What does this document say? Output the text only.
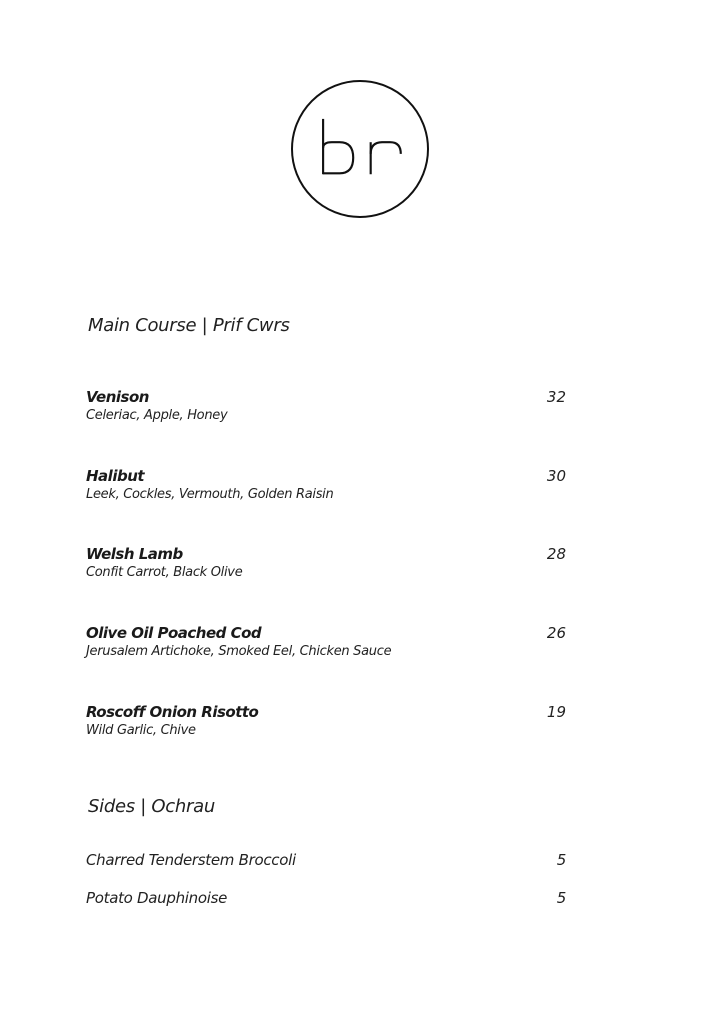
Main Course | Prif Cwrs
Venison
Celeriac, Apple, Honey
32
Halibut
Leek, Cockles, Vermouth, Golden Raisin
30
Welsh Lamb
Confit Carrot, Black Olive
28
Olive Oil Poached Cod
Jerusalem Artichoke, Smoked Eel, Chicken Sauce
26
Roscoff Onion Risotto
Wild Garlic, Chive
19
Sides | Ochrau
Charred Tenderstem Broccoli	5
Potato Dauphinoise	5
